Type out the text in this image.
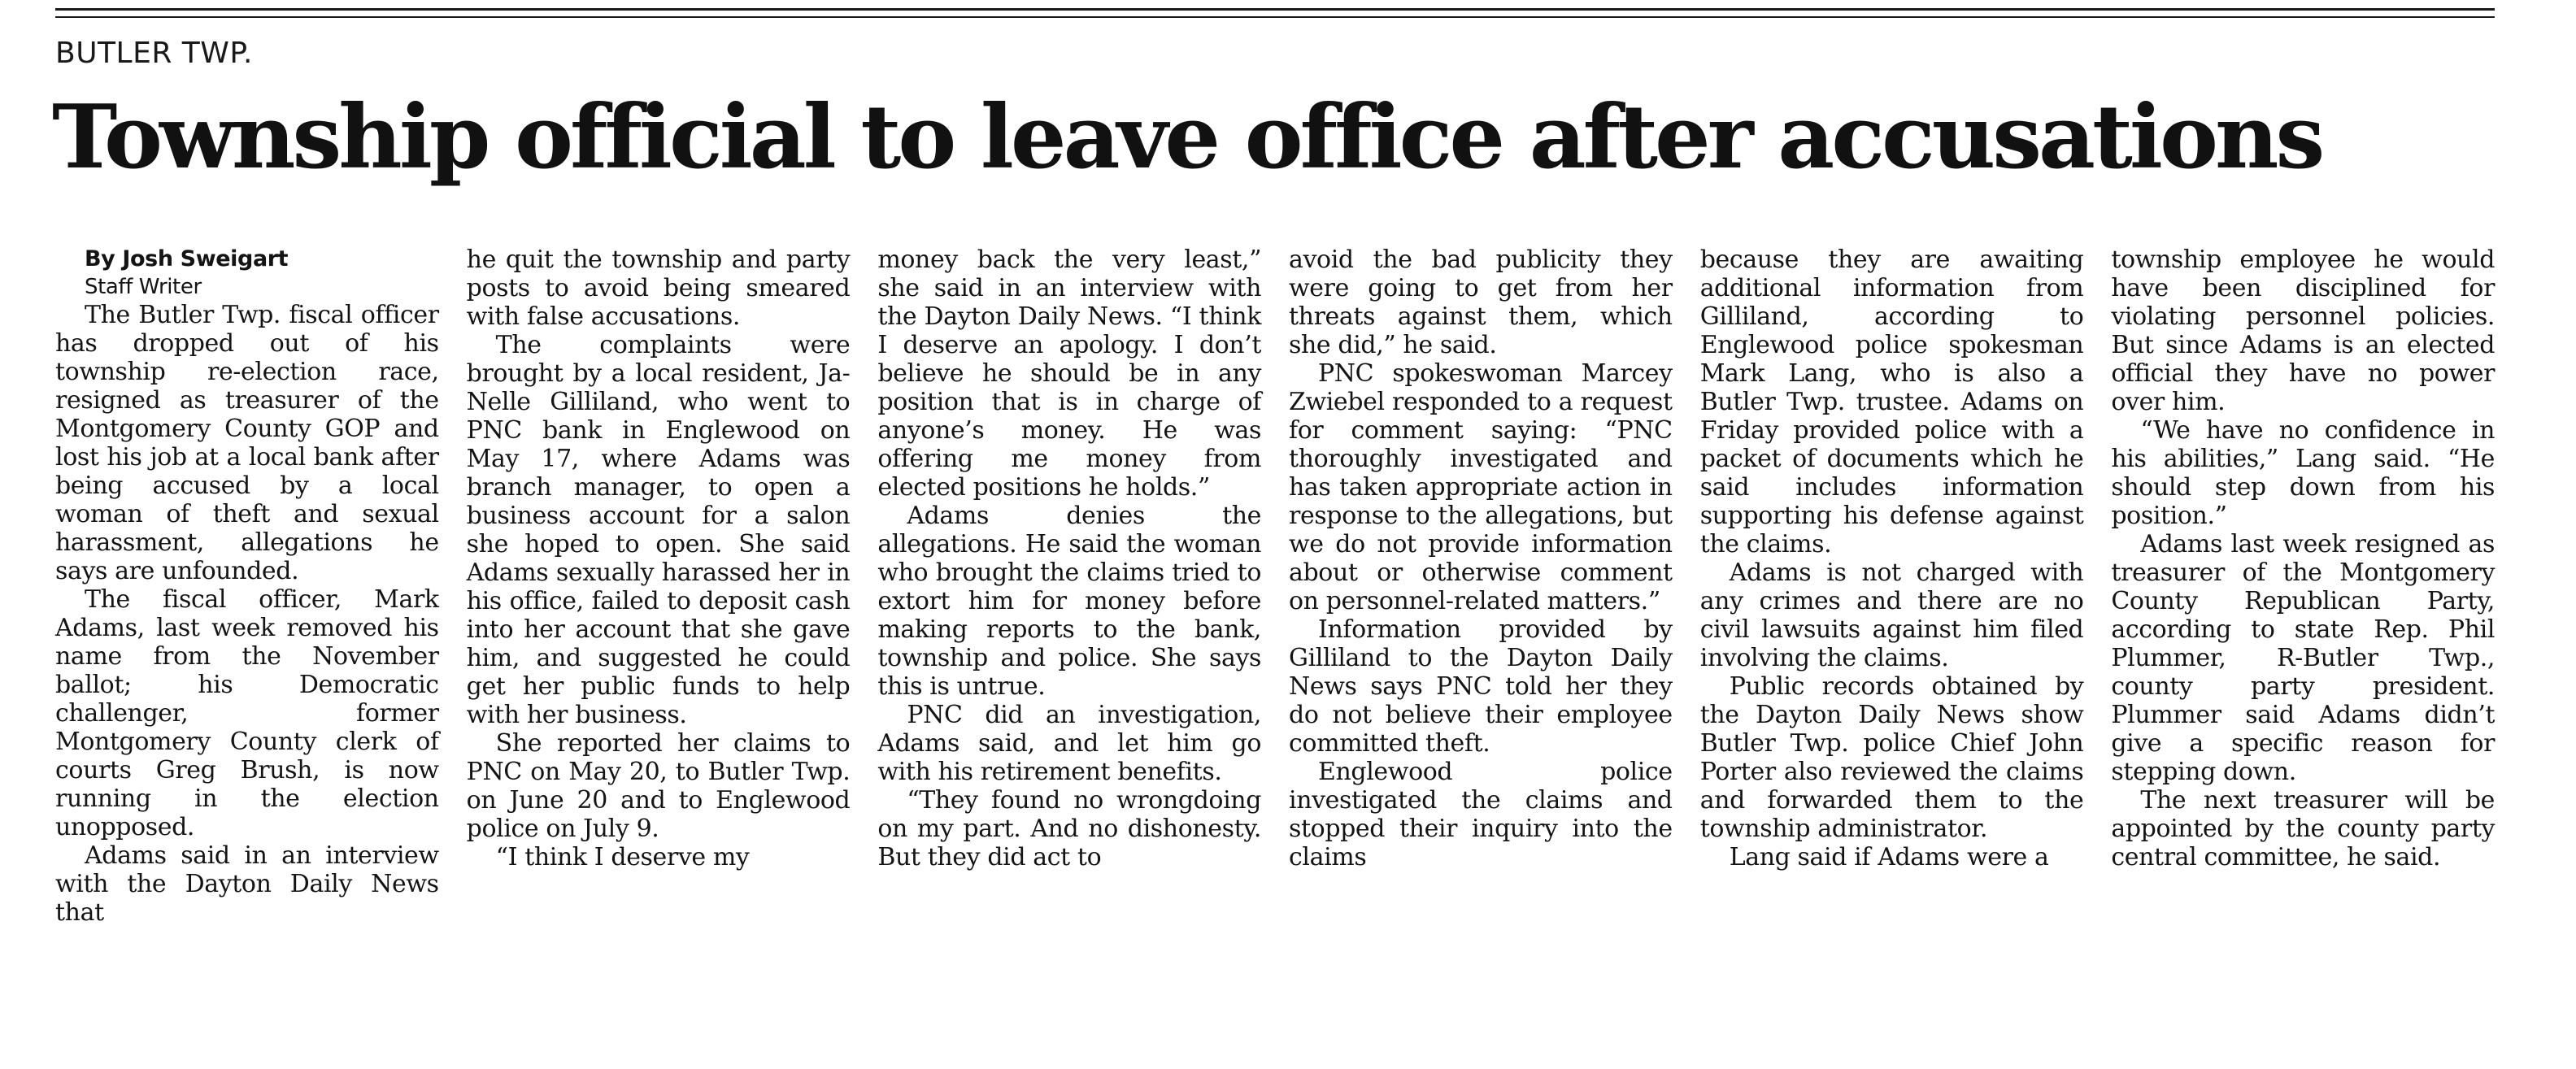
BUTLER TWP.

Township official to leave office after accusations

By Josh Sweigart

Staff Writer

The Butler Twp. fiscal officer has dropped out of his township re-election race, resigned as treasurer of the Montgomery County GOP and lost his job at a local bank after being accused by a local woman of theft and sexual harassment, allegations he says are unfounded.

The fiscal officer, Mark Adams, last week removed his name from the November ballot; his Democratic challenger, former Montgomery County clerk of courts Greg Brush, is now running in the election unopposed.

Adams said in an interview with the Dayton Daily News that

he quit the township and party posts to avoid being smeared with false accusations.

The complaints were brought by a local resident, Ja-Nelle Gilliland, who went to PNC bank in Englewood on May 17, where Adams was branch manager, to open a business account for a salon she hoped to open. She said Adams sexually harassed her in his office, failed to deposit cash into her account that she gave him, and suggested he could get her public funds to help with her business.

She reported her claims to PNC on May 20, to Butler Twp. on June 20 and to Englewood police on July 9.

“I think I deserve my

money back the very least,” she said in an interview with the Dayton Daily News. “I think I deserve an apology. I don’t believe he should be in any position that is in charge of anyone’s money. He was offering me money from elected positions he holds.”

Adams denies the allegations. He said the woman who brought the claims tried to extort him for money before making reports to the bank, township and police. She says this is untrue.

PNC did an investigation, Adams said, and let him go with his retirement benefits.

“They found no wrongdoing on my part. And no dishonesty. But they did act to

avoid the bad publicity they were going to get from her threats against them, which she did,” he said.

PNC spokeswoman Marcey Zwiebel responded to a request for comment saying: “PNC thoroughly investigated and has taken appropriate action in response to the allegations, but we do not provide information about or otherwise comment on personnel-related matters.”

Information provided by Gilliland to the Dayton Daily News says PNC told her they do not believe their employee committed theft.

Englewood police investigated the claims and stopped their inquiry into the claims

because they are awaiting additional information from Gilliland, according to Englewood police spokesman Mark Lang, who is also a Butler Twp. trustee. Adams on Friday provided police with a packet of documents which he said includes information supporting his defense against the claims.

Adams is not charged with any crimes and there are no civil lawsuits against him filed involving the claims.

Public records obtained by the Dayton Daily News show Butler Twp. police Chief John Porter also reviewed the claims and forwarded them to the township administrator.

Lang said if Adams were a

township employee he would have been disciplined for violating personnel policies. But since Adams is an elected official they have no power over him.

“We have no confidence in his abilities,” Lang said. “He should step down from his position.”

Adams last week resigned as treasurer of the Montgomery County Republican Party, according to state Rep. Phil Plummer, R-Butler Twp., county party president. Plummer said Adams didn’t give a specific reason for stepping down.

The next treasurer will be appointed by the county party central committee, he said.
